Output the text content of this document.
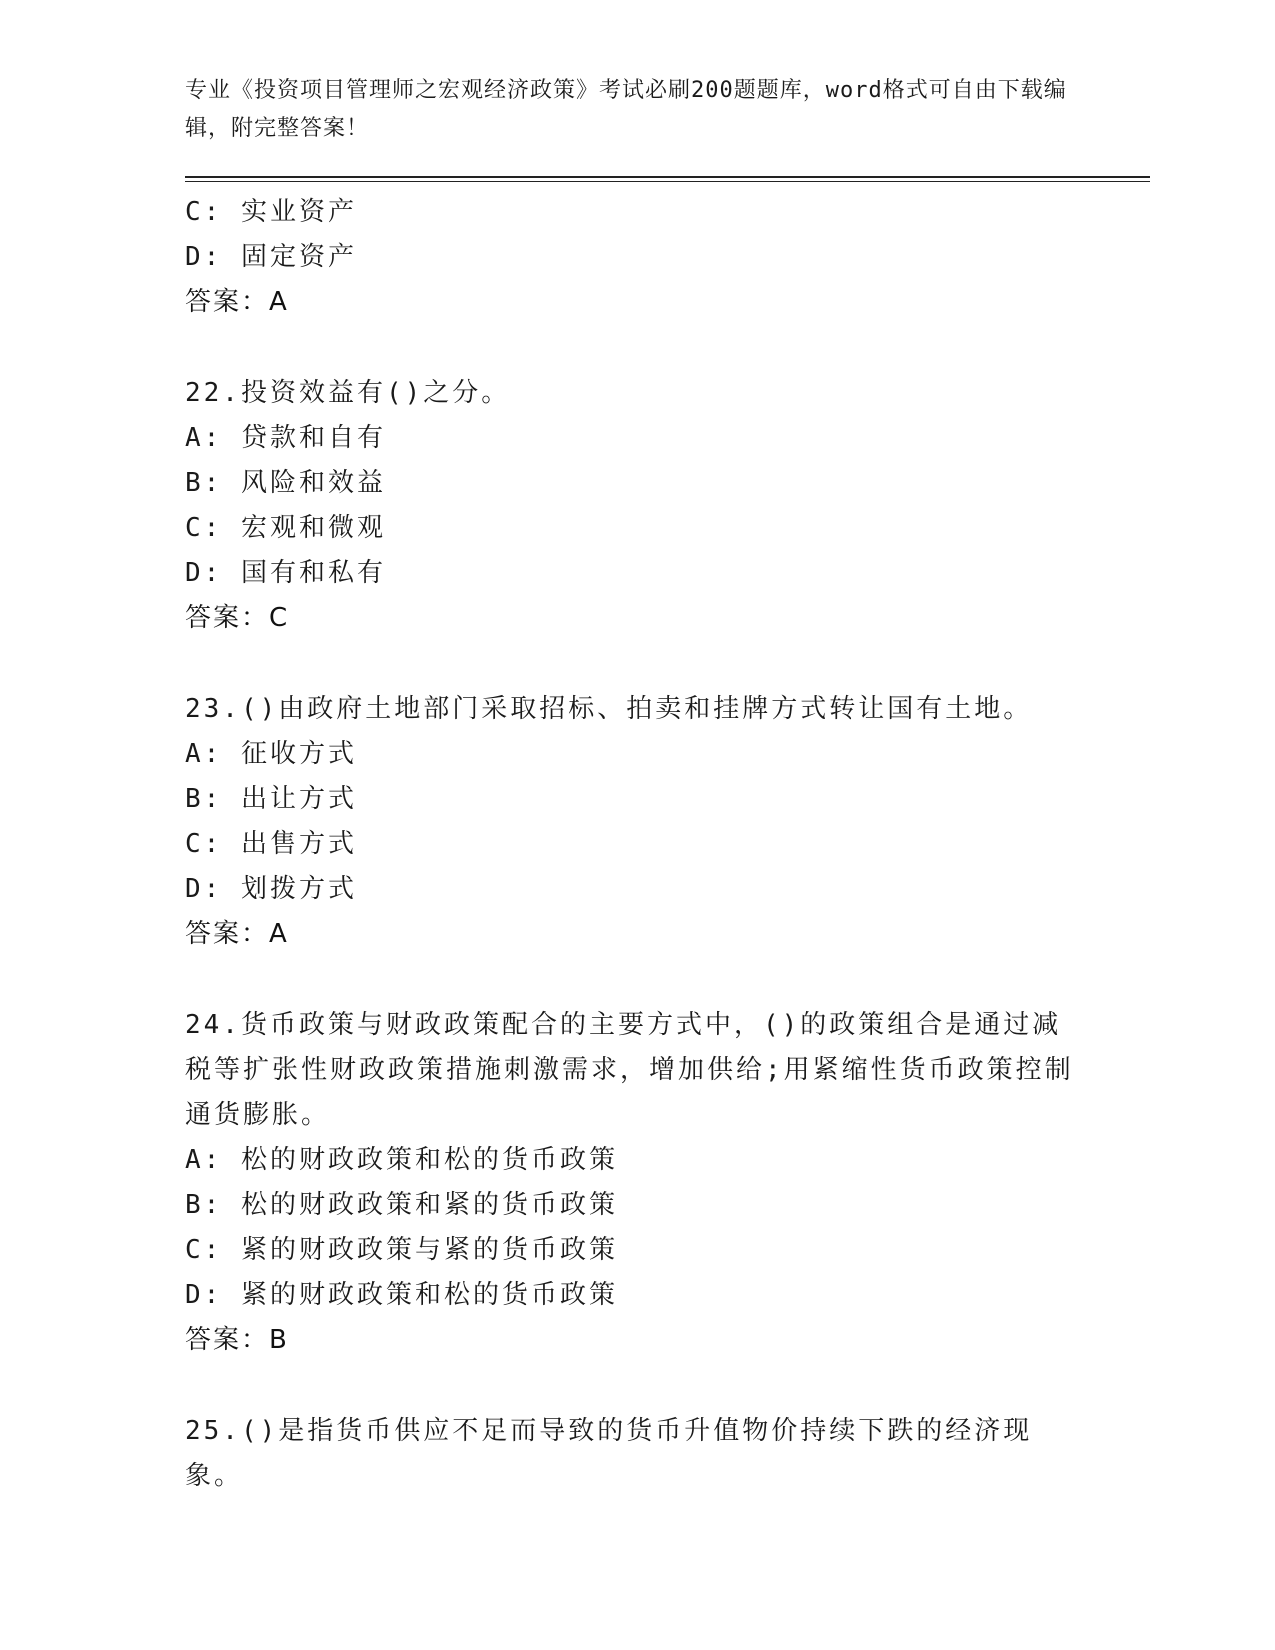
专业《投资项目管理师之宏观经济政策》考试必刷200题题库，word格式可自由下载编辑，附完整答案！
C: 实业资产
D: 固定资产
答案：A
22.投资效益有()之分。
A: 贷款和自有
B: 风险和效益
C: 宏观和微观
D: 国有和私有
答案：C
23.()由政府土地部门采取招标、拍卖和挂牌方式转让国有土地。
A: 征收方式
B: 出让方式
C: 出售方式
D: 划拨方式
答案：A
24.货币政策与财政政策配合的主要方式中，()的政策组合是通过减税等扩张性财政政策措施刺激需求，增加供给;用紧缩性货币政策控制通货膨胀。
A: 松的财政政策和松的货币政策
B: 松的财政政策和紧的货币政策
C: 紧的财政政策与紧的货币政策
D: 紧的财政政策和松的货币政策
答案：B
25.()是指货币供应不足而导致的货币升值物价持续下跌的经济现象。
